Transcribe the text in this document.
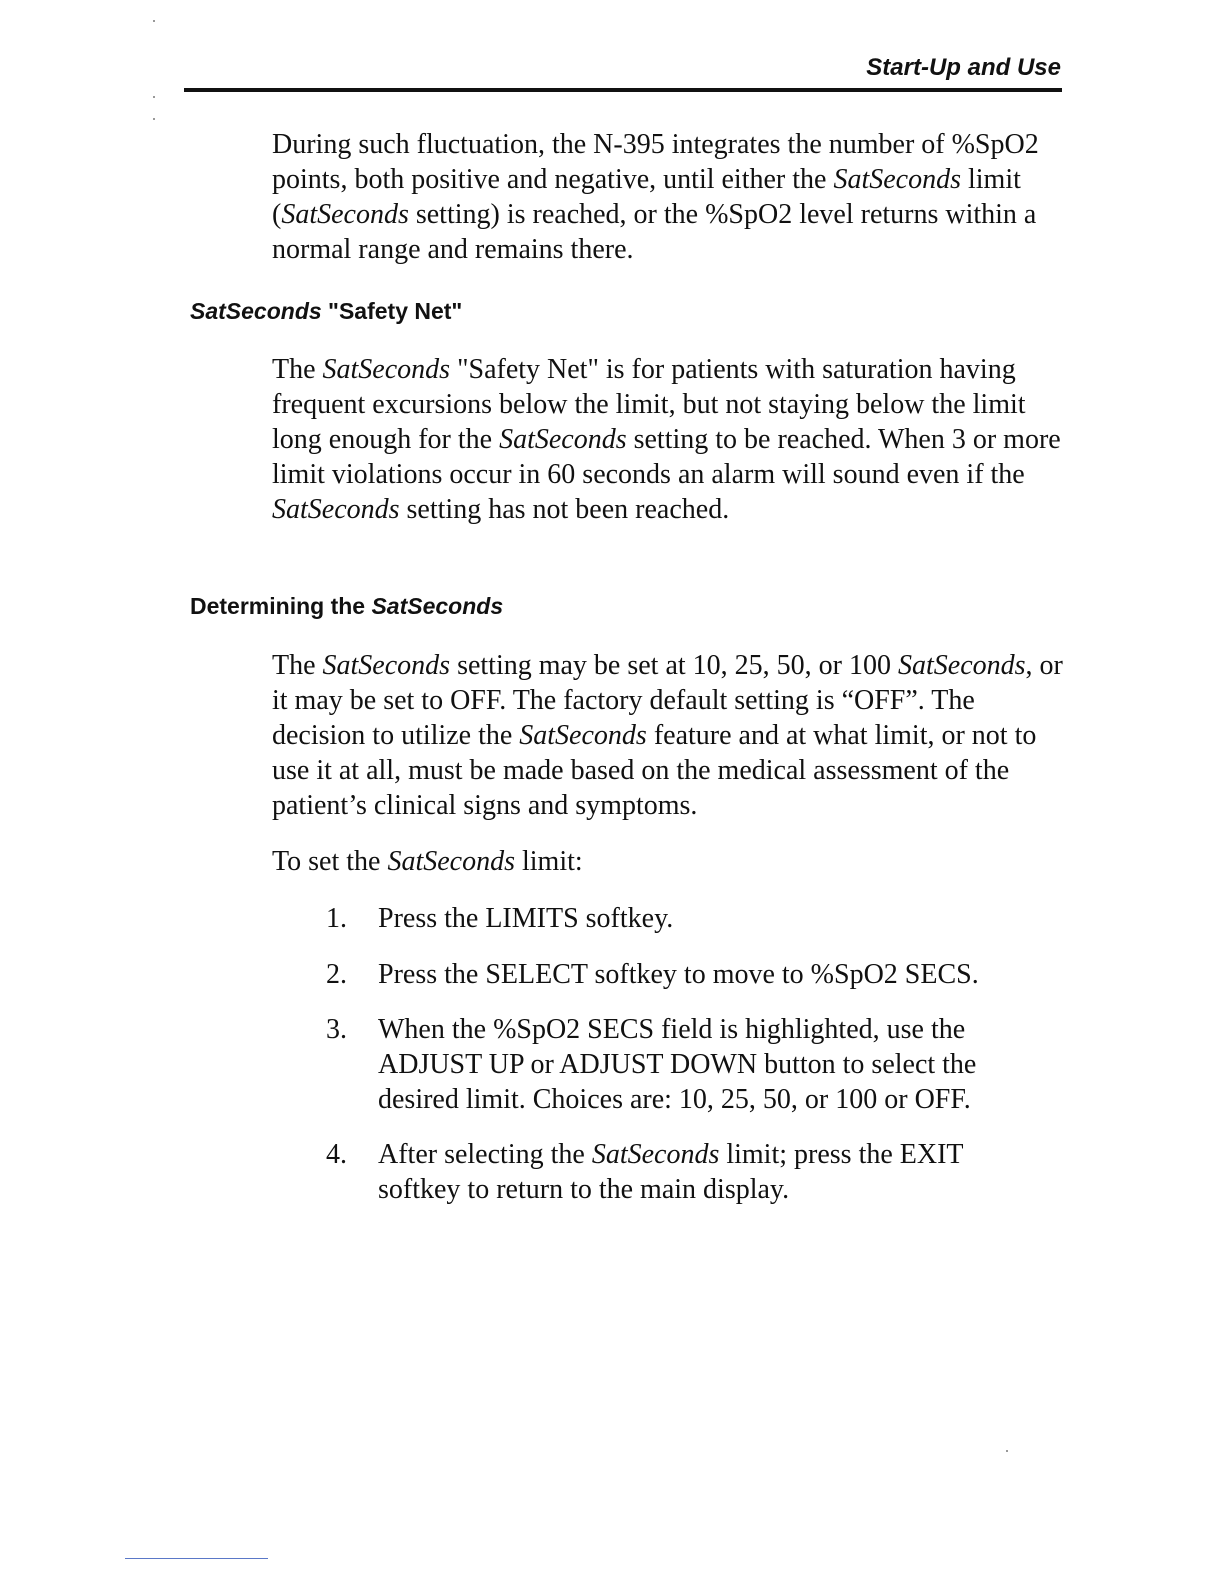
Start-Up and Use

During such fluctuation, the N-395 integrates the number of %SpO2 points, both positive and negative, until either the SatSeconds limit (SatSeconds setting) is reached, or the %SpO2 level returns within a normal range and remains there.

SatSeconds "Safety Net"

The SatSeconds "Safety Net" is for patients with saturation having frequent excursions below the limit, but not staying below the limit long enough for the SatSeconds setting to be reached. When 3 or more limit violations occur in 60 seconds an alarm will sound even if the SatSeconds setting has not been reached.

Determining the SatSeconds

The SatSeconds setting may be set at 10, 25, 50, or 100 SatSeconds, or it may be set to OFF. The factory default setting is “OFF”. The decision to utilize the SatSeconds feature and at what limit, or not to use it at all, must be made based on the medical assessment of the patient’s clinical signs and symptoms.

To set the SatSeconds limit:

1. Press the LIMITS softkey.
2. Press the SELECT softkey to move to %SpO2 SECS.
3. When the %SpO2 SECS field is highlighted, use the ADJUST UP or ADJUST DOWN button to select the desired limit. Choices are: 10, 25, 50, or 100 or OFF.
4. After selecting the SatSeconds limit; press the EXIT softkey to return to the main display.
